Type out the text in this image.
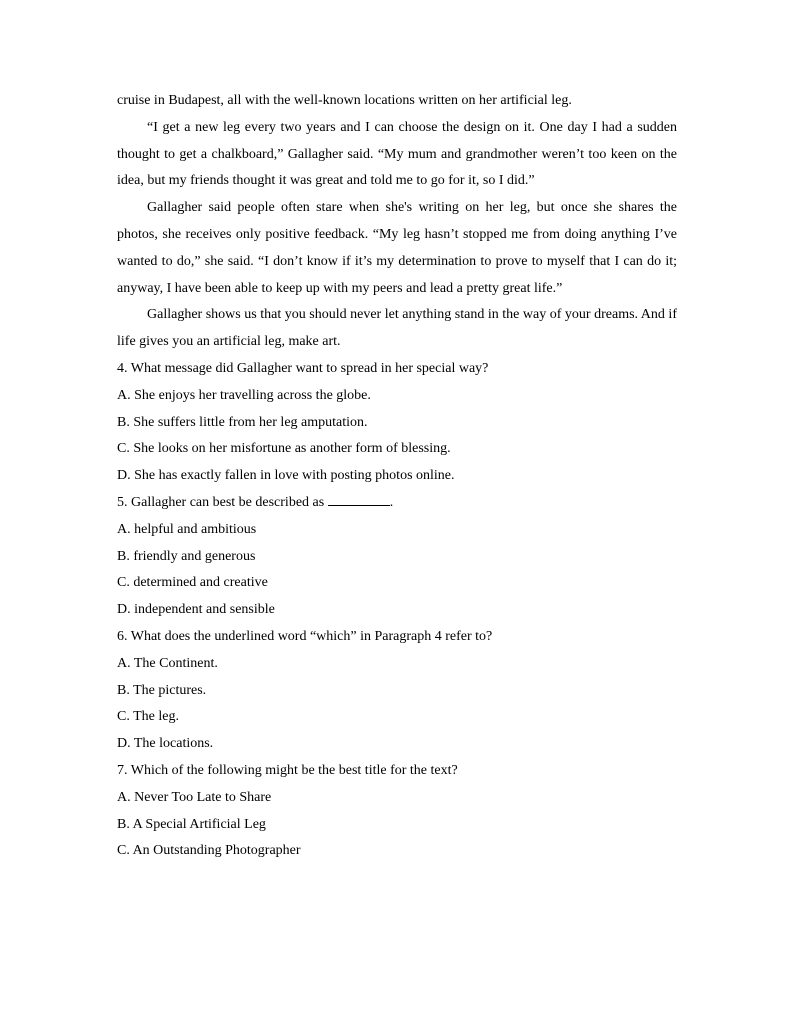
cruise in Budapest, all with the well-known locations written on her artificial leg.

“I get a new leg every two years and I can choose the design on it. One day I had a sudden thought to get a chalkboard,” Gallagher said. “My mum and grandmother weren’t too keen on the idea, but my friends thought it was great and told me to go for it, so I did.”

Gallagher said people often stare when she's writing on her leg, but once she shares the photos, she receives only positive feedback. “My leg hasn’t stopped me from doing anything I’ve wanted to do,” she said. “I don’t know if it’s my determination to prove to myself that I can do it; anyway, I have been able to keep up with my peers and lead a pretty great life.”

Gallagher shows us that you should never let anything stand in the way of your dreams. And if life gives you an artificial leg, make art.

4. What message did Gallagher want to spread in her special way?

A. She enjoys her travelling across the globe.

B. She suffers little from her leg amputation.

C. She looks on her misfortune as another form of blessing.

D. She has exactly fallen in love with posting photos online.

5. Gallagher can best be described as	.

A. helpful and ambitious

B. friendly and generous

C. determined and creative

D. independent and sensible

6. What does the underlined word “which” in Paragraph 4 refer to?

A. The Continent.

B. The pictures.

C. The leg.

D. The locations.

7. Which of the following might be the best title for the text?

A. Never Too Late to Share

B. A Special Artificial Leg

C. An Outstanding Photographer
